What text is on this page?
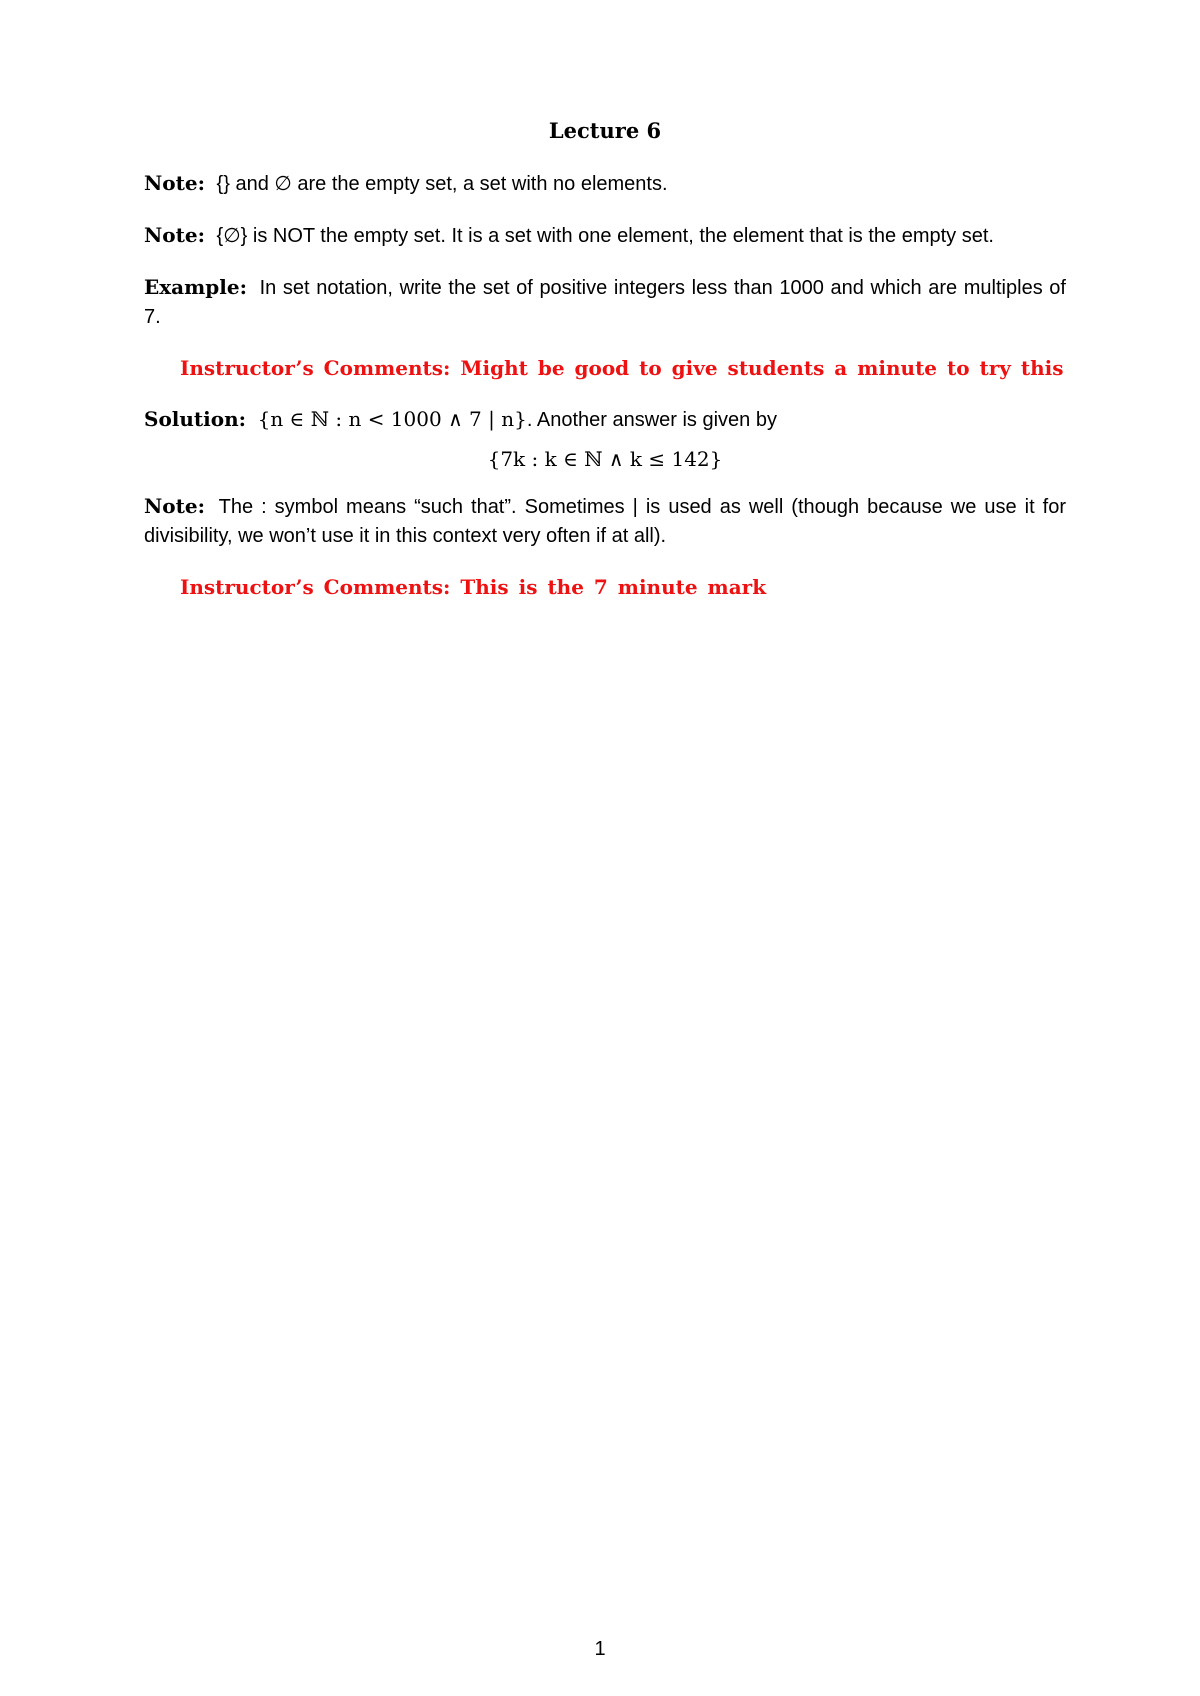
Lecture 6

Note: {} and ∅ are the empty set, a set with no elements.

Note: {∅} is NOT the empty set. It is a set with one element, the element that is the empty set.

Example: In set notation, write the set of positive integers less than 1000 and which are multiples of 7.

Instructor’s Comments: Might be good to give students a minute to try this

Solution: {n ∈ ℕ : n < 1000 ∧ 7 | n}. Another answer is given by

{7k : k ∈ ℕ ∧ k ≤ 142}

Note: The : symbol means “such that”. Sometimes | is used as well (though because we use it for divisibility, we won’t use it in this context very often if at all).

Instructor’s Comments: This is the 7 minute mark

1
